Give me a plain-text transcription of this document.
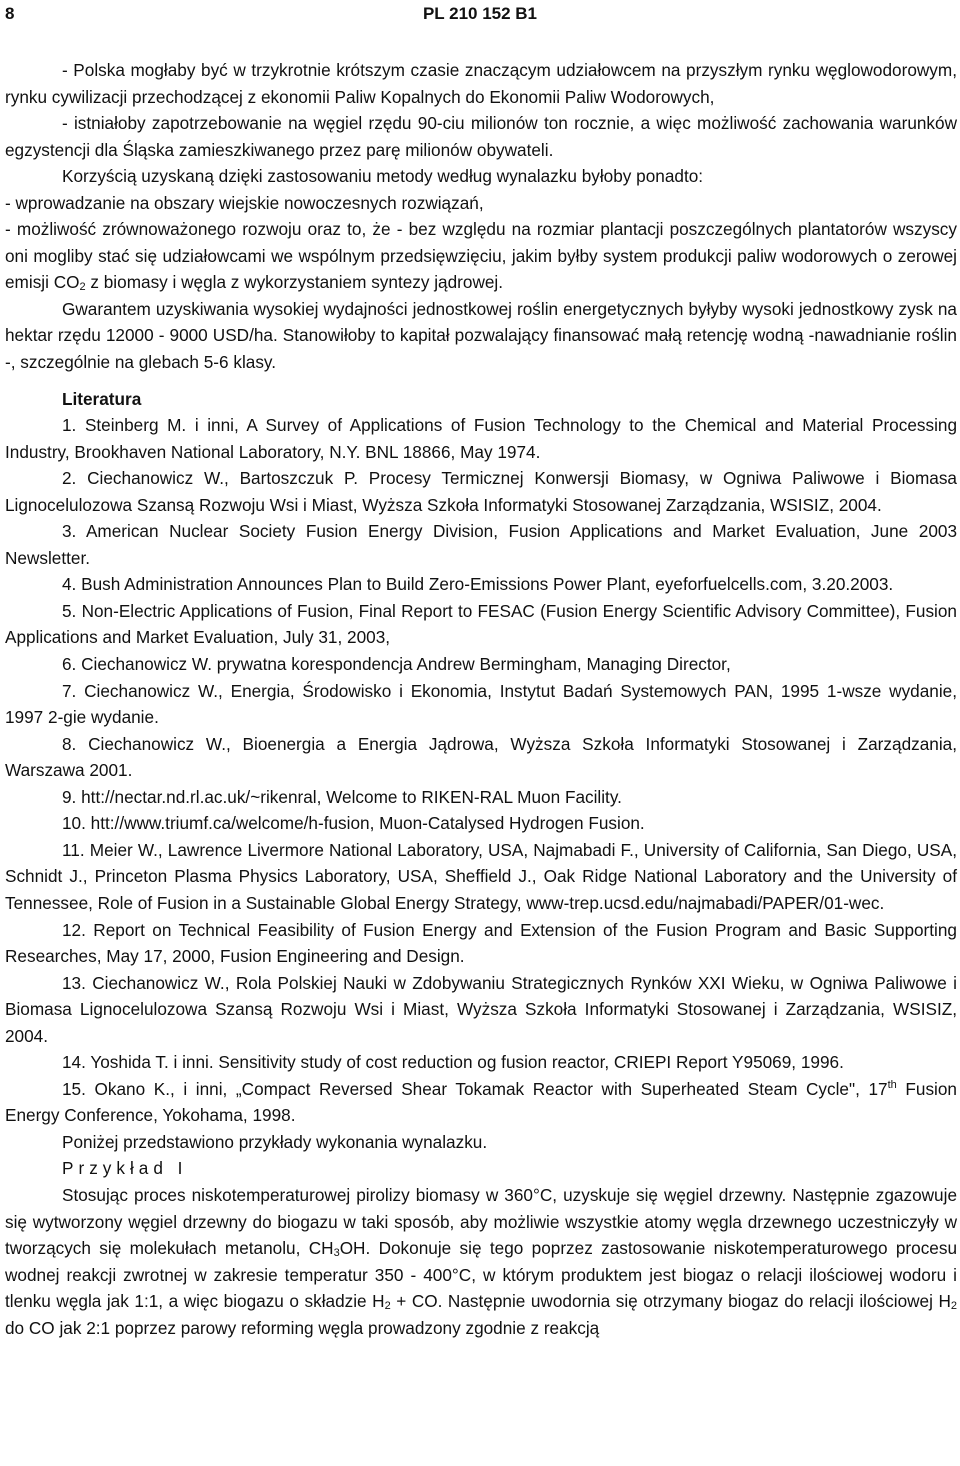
8	PL 210 152 B1

- Polska mogłaby być w trzykrotnie krótszym czasie znaczącym udziałowcem na przyszłym rynku węglowodorowym, rynku cywilizacji przechodzącej z ekonomii Paliw Kopalnych do Ekonomii Paliw Wodorowych,

- istniałoby zapotrzebowanie na węgiel rzędu 90-ciu milionów ton rocznie, a więc możliwość zachowania warunków egzystencji dla Śląska zamieszkiwanego przez parę milionów obywateli.

Korzyścią uzyskaną dzięki zastosowaniu metody według wynalazku byłoby ponadto:

- wprowadzanie na obszary wiejskie nowoczesnych rozwiązań,

- możliwość zrównoważonego rozwoju oraz to, że - bez względu na rozmiar plantacji poszczególnych plantatorów wszyscy oni mogliby stać się udziałowcami we wspólnym przedsięwzięciu, jakim byłby system produkcji paliw wodorowych o zerowej emisji $CO_2$ z biomasy i węgla z wykorzystaniem syntezy jądrowej.

Gwarantem uzyskiwania wysokiej wydajności jednostkowej roślin energetycznych byłyby wysoki jednostkowy zysk na hektar rzędu 12000 - 9000 USD/ha. Stanowiłoby to kapitał pozwalający finansować małą retencję wodną -nawadnianie roślin -, szczególnie na glebach 5-6 klasy.

Literatura

1. Steinberg M. i inni, A Survey of Applications of Fusion Technology to the Chemical and Material Processing Industry, Brookhaven National Laboratory, N.Y. BNL 18866, May 1974.

2. Ciechanowicz W., Bartoszczuk P. Procesy Termicznej Konwersji Biomasy, w Ogniwa Paliwowe i Biomasa Lignocelulozowa Szansą Rozwoju Wsi i Miast, Wyższa Szkoła Informatyki Stosowanej Zarządzania, WSISIZ, 2004.

3. American Nuclear Society Fusion Energy Division, Fusion Applications and Market Evaluation, June 2003 Newsletter.

4. Bush Administration Announces Plan to Build Zero-Emissions Power Plant, eyeforfuelcells.com, 3.20.2003.

5. Non-Electric Applications of Fusion, Final Report to FESAC (Fusion Energy Scientific Advisory Committee), Fusion Applications and Market Evaluation, July 31, 2003,

6. Ciechanowicz W. prywatna korespondencja Andrew Bermingham, Managing Director,

7. Ciechanowicz W., Energia, Środowisko i Ekonomia, Instytut Badań Systemowych PAN, 1995 1-wsze wydanie, 1997 2-gie wydanie.

8. Ciechanowicz W., Bioenergia a Energia Jądrowa, Wyższa Szkoła Informatyki Stosowanej i Zarządzania, Warszawa 2001.

9. htt://nectar.nd.rl.ac.uk/~rikenral, Welcome to RIKEN-RAL Muon Facility.

10. htt://www.triumf.ca/welcome/h-fusion, Muon-Catalysed Hydrogen Fusion.

11. Meier W., Lawrence Livermore National Laboratory, USA, Najmabadi F., University of California, San Diego, USA, Schnidt J., Princeton Plasma Physics Laboratory, USA, Sheffield J., Oak Ridge National Laboratory and the University of Tennessee, Role of Fusion in a Sustainable Global Energy Strategy, www-trep.ucsd.edu/najmabadi/PAPER/01-wec.

12. Report on Technical Feasibility of Fusion Energy and Extension of the Fusion Program and Basic Supporting Researches, May 17, 2000, Fusion Engineering and Design.

13. Ciechanowicz W., Rola Polskiej Nauki w Zdobywaniu Strategicznych Rynków XXI Wieku, w Ogniwa Paliwowe i Biomasa Lignocelulozowa Szansą Rozwoju Wsi i Miast, Wyższa Szkoła Informatyki Stosowanej i Zarządzania, WSISIZ, 2004.

14. Yoshida T. i inni. Sensitivity study of cost reduction og fusion reactor, CRIEPI Report Y95069, 1996.

15. Okano K., i inni, „Compact Reversed Shear Tokamak Reactor with Superheated Steam Cycle", 17th Fusion Energy Conference, Yokohama, 1998.

Poniżej przedstawiono przykłady wykonania wynalazku.

Przykład I

Stosując proces niskotemperaturowej pirolizy biomasy w 360°C, uzyskuje się węgiel drzewny. Następnie zgazowuje się wytworzony węgiel drzewny do biogazu w taki sposób, aby możliwie wszystkie atomy węgla drzewnego uczestniczyły w tworzących się molekułach metanolu, $CH_3OH$. Dokonuje się tego poprzez zastosowanie niskotemperaturowego procesu wodnej reakcji zwrotnej w zakresie temperatur 350 - 400°C, w którym produktem jest biogaz o relacji ilościowej wodoru i tlenku węgla jak 1:1, a więc biogazu o składzie $H_2$ + CO. Następnie uwodornia się otrzymany biogaz do relacji ilościowej $H_2$ do CO jak 2:1 poprzez parowy reforming węgla prowadzony zgodnie z reakcją
